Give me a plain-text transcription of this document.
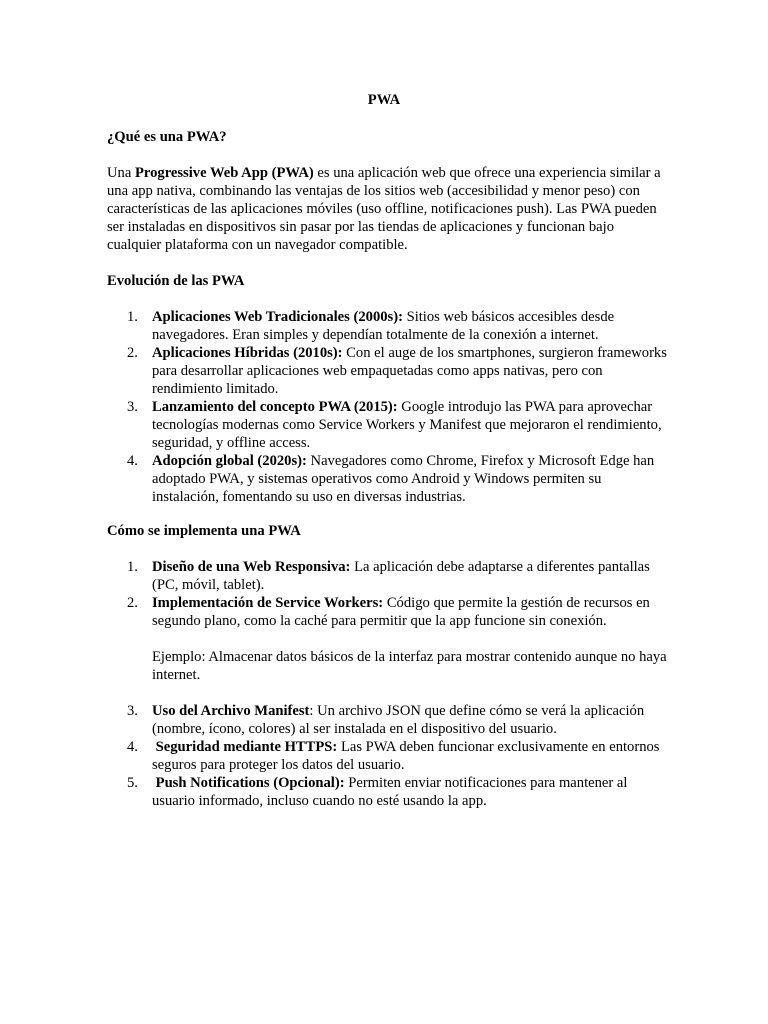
PWA
¿Qué es una PWA?
Una Progressive Web App (PWA) es una aplicación web que ofrece una experiencia similar a una app nativa, combinando las ventajas de los sitios web (accesibilidad y menor peso) con características de las aplicaciones móviles (uso offline, notificaciones push). Las PWA pueden ser instaladas en dispositivos sin pasar por las tiendas de aplicaciones y funcionan bajo cualquier plataforma con un navegador compatible.
Evolución de las PWA
1. Aplicaciones Web Tradicionales (2000s): Sitios web básicos accesibles desde navegadores. Eran simples y dependían totalmente de la conexión a internet.
2. Aplicaciones Híbridas (2010s): Con el auge de los smartphones, surgieron frameworks para desarrollar aplicaciones web empaquetadas como apps nativas, pero con rendimiento limitado.
3. Lanzamiento del concepto PWA (2015): Google introdujo las PWA para aprovechar tecnologías modernas como Service Workers y Manifest que mejoraron el rendimiento, seguridad, y offline access.
4. Adopción global (2020s): Navegadores como Chrome, Firefox y Microsoft Edge han adoptado PWA, y sistemas operativos como Android y Windows permiten su instalación, fomentando su uso en diversas industrias.
Cómo se implementa una PWA
1. Diseño de una Web Responsiva: La aplicación debe adaptarse a diferentes pantallas (PC, móvil, tablet).
2. Implementación de Service Workers: Código que permite la gestión de recursos en segundo plano, como la caché para permitir que la app funcione sin conexión.
Ejemplo: Almacenar datos básicos de la interfaz para mostrar contenido aunque no haya internet.
3. Uso del Archivo Manifest: Un archivo JSON que define cómo se verá la aplicación (nombre, ícono, colores) al ser instalada en el dispositivo del usuario.
4. Seguridad mediante HTTPS: Las PWA deben funcionar exclusivamente en entornos seguros para proteger los datos del usuario.
5. Push Notifications (Opcional): Permiten enviar notificaciones para mantener al usuario informado, incluso cuando no esté usando la app.
